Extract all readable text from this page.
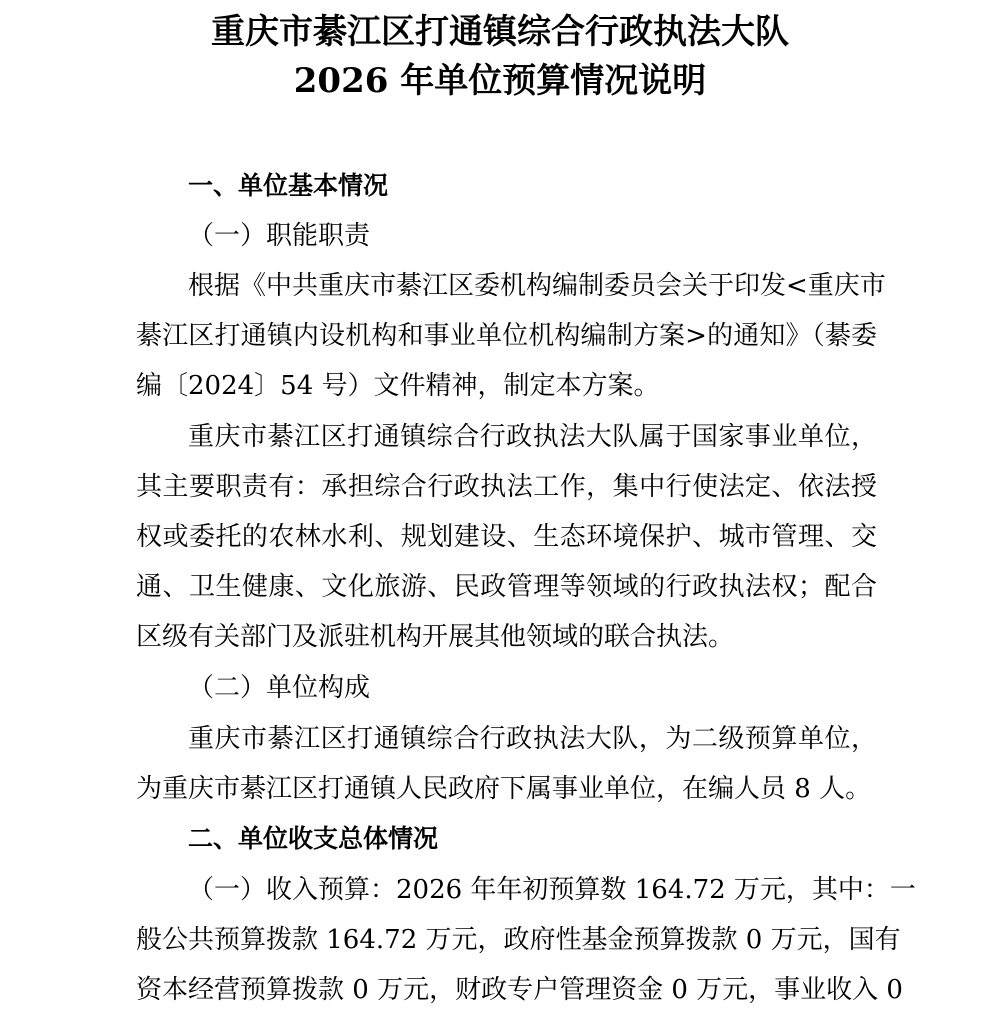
重庆市綦江区打通镇综合行政执法大队
2026 年单位预算情况说明
一、单位基本情况

（一）职能职责

根据《中共重庆市綦江区委机构编制委员会关于印发<重庆市

綦江区打通镇内设机构和事业单位机构编制方案>的通知》（綦委

编〔2024〕54 号）文件精神，制定本方案。

重庆市綦江区打通镇综合行政执法大队属于国家事业单位，

其主要职责有：承担综合行政执法工作，集中行使法定、依法授

权或委托的农林水利、规划建设、生态环境保护、城市管理、交

通、卫生健康、文化旅游、民政管理等领域的行政执法权；配合

区级有关部门及派驻机构开展其他领域的联合执法。

（二）单位构成

重庆市綦江区打通镇综合行政执法大队，为二级预算单位，

为重庆市綦江区打通镇人民政府下属事业单位，在编人员 8 人。

二、单位收支总体情况

（一）收入预算：2026 年年初预算数 164.72 万元，其中：一

般公共预算拨款 164.72 万元，政府性基金预算拨款 0 万元，国有

资本经营预算拨款 0 万元，财政专户管理资金 0 万元，事业收入 0
